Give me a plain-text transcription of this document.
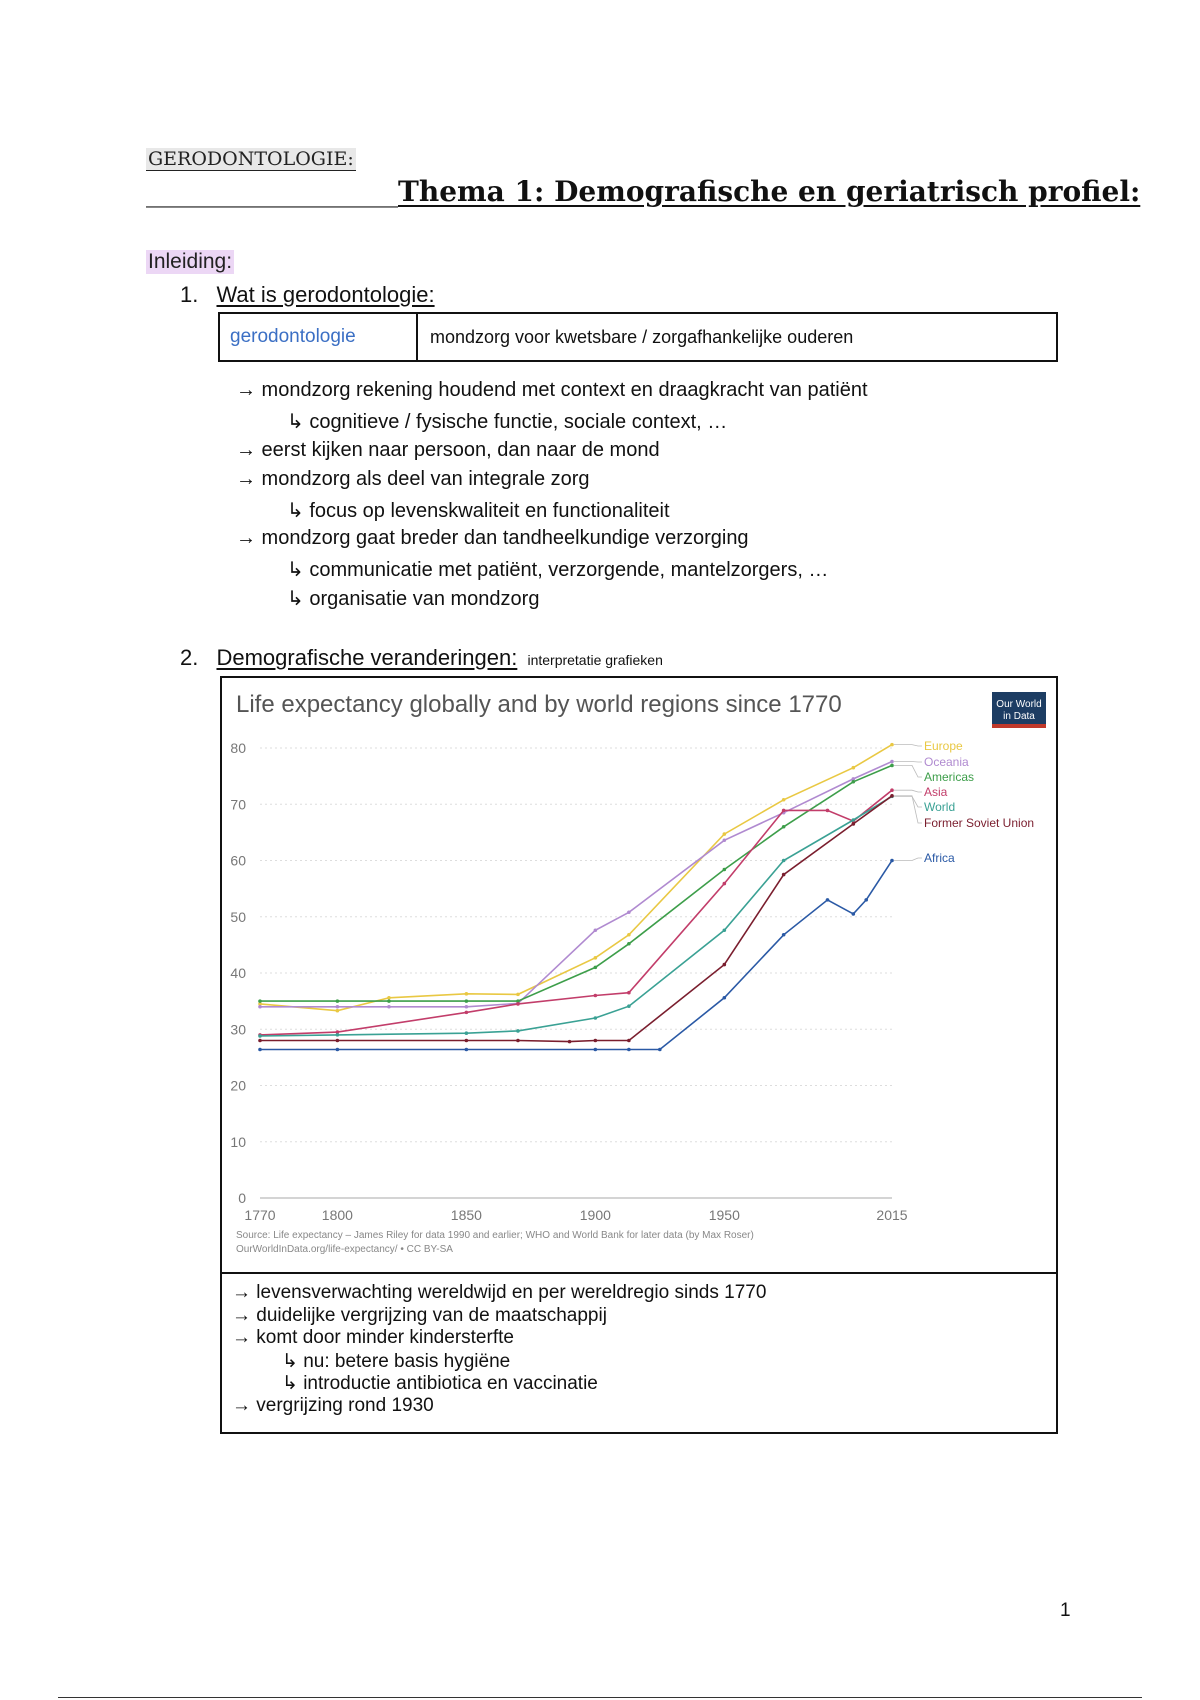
GERODONTOLOGIE:
__________________Thema 1: Demografische en geriatrisch profiel:
Inleiding:
1. Wat is gerodontologie:
gerodontologie	mondzorg voor kwetsbare / zorgafhankelijke ouderen
→ mondzorg rekening houdend met context en draagkracht van patiënt
↳ cognitieve / fysische functie, sociale context, …
→ eerst kijken naar persoon, dan naar de mond
→ mondzorg als deel van integrale zorg
↳ focus op levenskwaliteit en functionaliteit
→ mondzorg gaat breder dan tandheelkundige verzorging
↳ communicatie met patiënt, verzorgende, mantelzorgers, …
↳ organisatie van mondzorg
2. Demografische veranderingen: interpretatie grafieken
Life expectancy globally and by world regions since 1770	Our World
in Data
0
10
20
30
40
50
60
70
80
1770	1800	1850	1900	1950	2015
Europe
Oceania
Americas
Asia
World
Former Soviet Union
Africa
Source: Life expectancy – James Riley for data 1990 and earlier; WHO and World Bank for later data (by Max Roser)
OurWorldInData.org/life-expectancy/ • CC BY-SA
→ levensverwachting wereldwijd en per wereldregio sinds 1770
→ duidelijke vergrijzing van de maatschappij
→ komt door minder kindersterfte
↳ nu: betere basis hygiëne
↳ introductie antibiotica en vaccinatie
→ vergrijzing rond 1930
1
